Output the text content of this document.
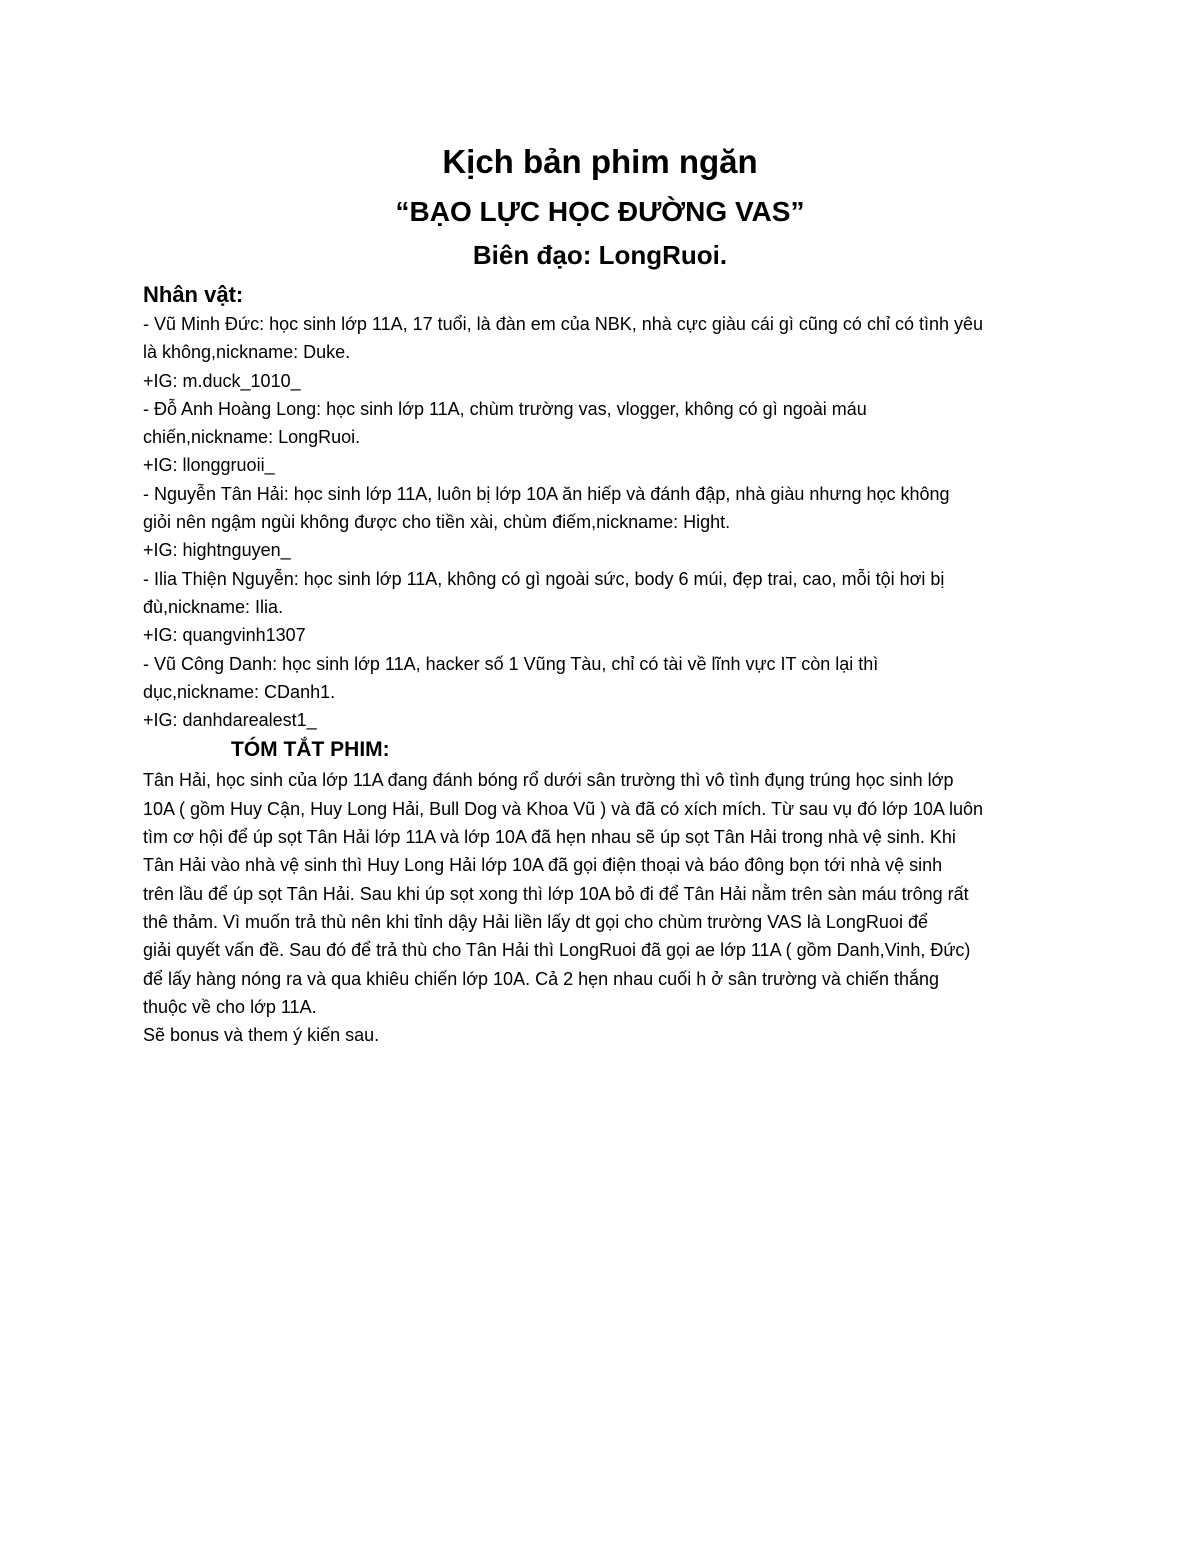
Kịch bản phim ngăn
“BẠO LỰC HỌC ĐƯỜNG VAS”
Biên đạo: LongRuoi.
Nhân vật:
- Vũ Minh Đức: học sinh lớp 11A, 17 tuổi, là đàn em của NBK, nhà cực giàu cái gì cũng có chỉ có tình yêu
là không,nickname: Duke.
+IG: m.duck_1010_
- Đỗ Anh Hoàng Long: học sinh lớp 11A, chùm trường vas, vlogger, không có gì ngoài máu
chiến,nickname: LongRuoi.
+IG: llonggruoii_
- Nguyễn Tân Hải: học sinh lớp 11A, luôn bị lớp 10A ăn hiếp và đánh đập, nhà giàu nhưng học không
giỏi nên ngậm ngùi không được cho tiền xài, chùm điếm,nickname: Hight.
+IG: hightnguyen_
- Ilia Thiện Nguyễn: học sinh lớp 11A, không có gì ngoài sức, body 6 múi, đẹp trai, cao, mỗi tội hơi bị
đù,nickname: Ilia.
+IG: quangvinh1307
- Vũ Công Danh: học sinh lớp 11A, hacker số 1 Vũng Tàu, chỉ có tài về lĩnh vực IT còn lại thì
dục,nickname: CDanh1.
+IG: danhdarealest1_
TÓM TẮT PHIM:
Tân Hải, học sinh của lớp 11A đang đánh bóng rổ dưới sân trường thì vô tình đụng trúng học sinh lớp
10A ( gồm Huy Cận, Huy Long Hải, Bull Dog và Khoa Vũ ) và đã có xích mích. Từ sau vụ đó lớp 10A luôn
tìm cơ hội để úp sọt Tân Hải lớp 11A và lớp 10A đã hẹn nhau sẽ úp sọt Tân Hải trong nhà vệ sinh. Khi
Tân Hải vào nhà vệ sinh thì Huy Long Hải lớp 10A đã gọi điện thoại và báo đông bọn tới nhà vệ sinh
trên lầu để úp sọt Tân Hải. Sau khi úp sọt xong thì lớp 10A bỏ đi để Tân Hải nằm trên sàn máu trông rất
thê thảm. Vì muốn trả thù nên khi tỉnh dậy Hải liền lấy dt gọi cho chùm trường VAS là LongRuoi để
giải quyết vấn đề. Sau đó để trả thù cho Tân Hải thì LongRuoi đã gọi ae lớp 11A ( gồm Danh,Vinh, Đức)
để lấy hàng nóng ra và qua khiêu chiến lớp 10A. Cả 2 hẹn nhau cuối h ở sân trường và chiến thắng
thuộc về cho lớp 11A.
Sẽ bonus và them ý kiến sau.
